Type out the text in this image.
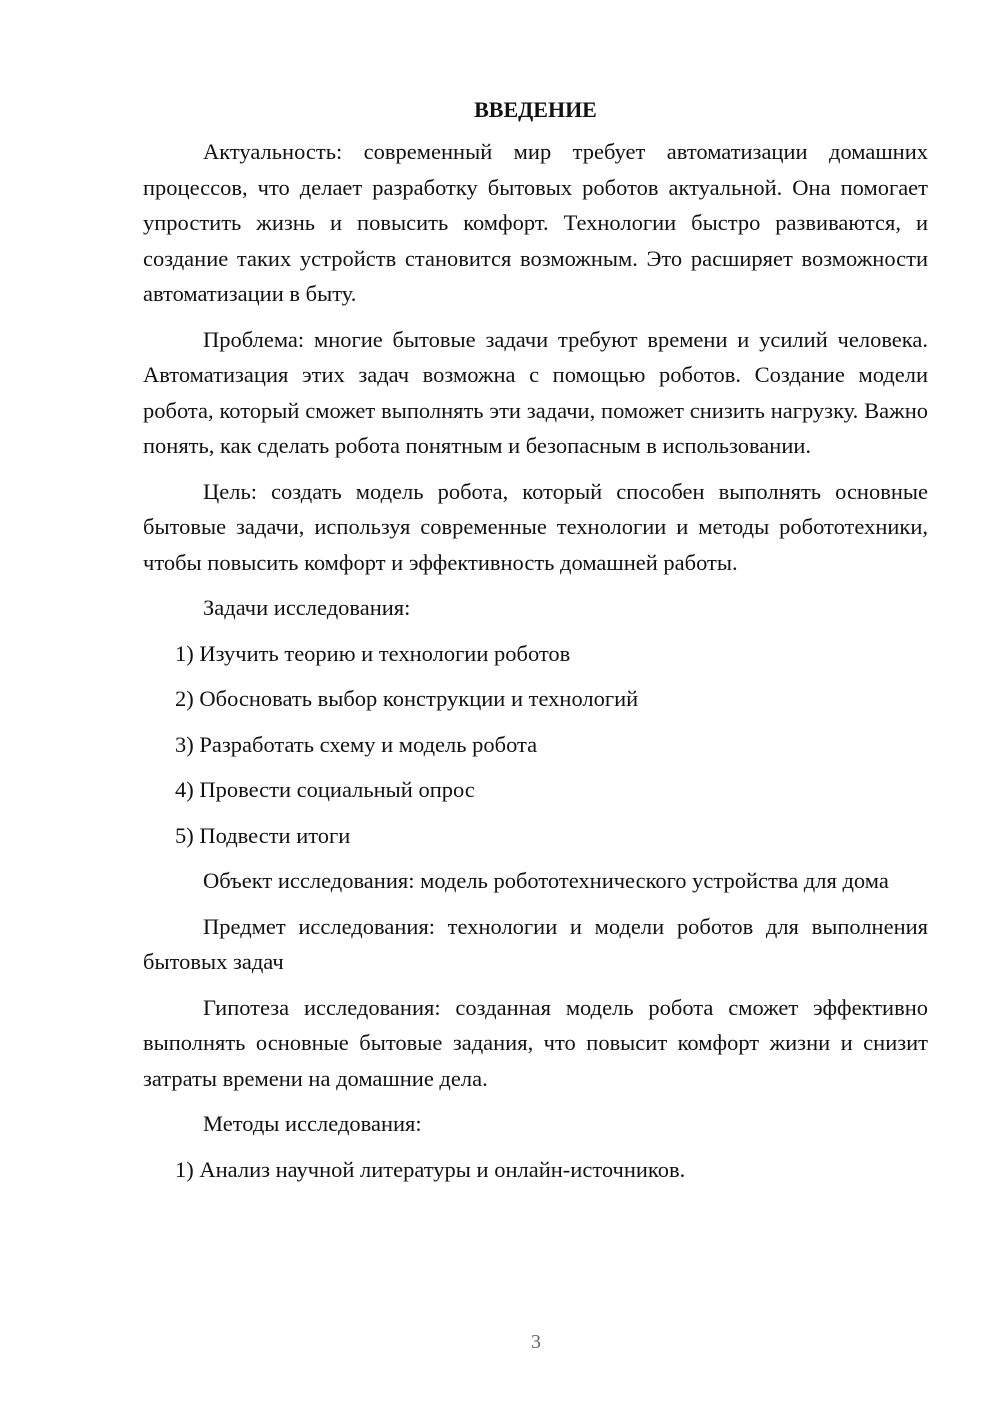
ВВЕДЕНИЕ

Актуальность: современный мир требует автоматизации домашних процессов, что делает разработку бытовых роботов актуальной. Она помогает упростить жизнь и повысить комфорт. Технологии быстро развиваются, и создание таких устройств становится возможным. Это расширяет возможности автоматизации в быту.

Проблема: многие бытовые задачи требуют времени и усилий человека. Автоматизация этих задач возможна с помощью роботов. Создание модели робота, который сможет выполнять эти задачи, поможет снизить нагрузку. Важно понять, как сделать робота понятным и безопасным в использовании.

Цель: создать модель робота, который способен выполнять основные бытовые задачи, используя современные технологии и методы робототехники, чтобы повысить комфорт и эффективность домашней работы.

Задачи исследования:

1) Изучить теорию и технологии роботов

2) Обосновать выбор конструкции и технологий

3) Разработать схему и модель робота

4) Провести социальный опрос

5) Подвести итоги

Объект исследования: модель робототехнического устройства для дома

Предмет исследования: технологии и модели роботов для выполнения бытовых задач

Гипотеза исследования: созданная модель робота сможет эффективно выполнять основные бытовые задания, что повысит комфорт жизни и снизит затраты времени на домашние дела.

Методы исследования:

1) Анализ научной литературы и онлайн-источников.

3
